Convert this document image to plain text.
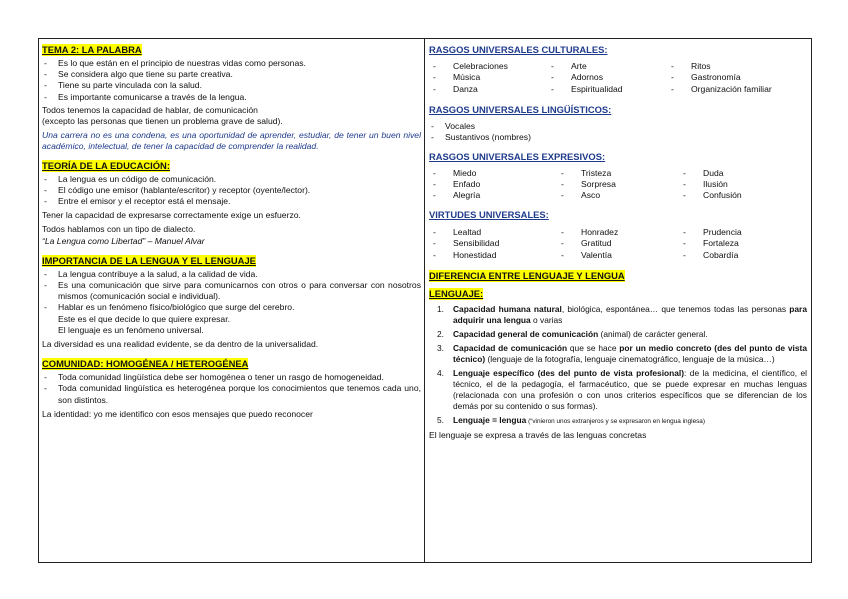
TEMA 2: LA PALABRA
- Es lo que están en el principio de nuestras vidas como personas.
- Se considera algo que tiene su parte creativa.
- Tiene su parte vinculada con la salud.
- Es importante comunicarse a través de la lengua.

Todos tenemos la capacidad de hablar, de comunicación

(excepto las personas que tienen un problema grave de salud).

Una carrera no es una condena, es una oportunidad de aprender, estudiar, de tener un buen nivel académico, intelectual, de tener la capacidad de comprender la realidad.

TEORÍA DE LA EDUCACIÓN:
- La lengua es un código de comunicación.
- El código une emisor (hablante/escritor) y receptor (oyente/lector).
- Entre el emisor y el receptor está el mensaje.

Tener la capacidad de expresarse correctamente exige un esfuerzo.

Todos hablamos con un tipo de dialecto.

“La Lengua como Libertad” – Manuel Alvar

IMPORTANCIA DE LA LENGUA Y EL LENGUAJE
- La lengua contribuye a la salud, a la calidad de vida.
- Es una comunicación que sirve para comunicarnos con otros o para conversar con nosotros mismos (comunicación social e individual).
- Hablar es un fenómeno físico/biológico que surge del cerebro.

Este es el que decide lo que quiere expresar.

El lenguaje es un fenómeno universal.

La diversidad es una realidad evidente, se da dentro de la universalidad.

COMUNIDAD: HOMOGÉNEA / HETEROGÉNEA
- Toda comunidad lingüística debe ser homogénea o tener un rasgo de homogeneidad.
- Toda comunidad lingüística es heterogénea porque los conocimientos que tenemos cada uno, son distintos.

La identidad: yo me identifico con esos mensajes que puedo reconocer

RASGOS UNIVERSALES CULTURALES:
- Celebraciones	- Arte	- Ritos
- Música	- Adornos	- Gastronomía
- Danza	- Espiritualidad	- Organización familiar
RASGOS UNIVERSALES LINGÜÍSTICOS:
- Vocales
- Sustantivos (nombres)
RASGOS UNIVERSALES EXPRESIVOS:
- Miedo	- Tristeza	- Duda
- Enfado	- Sorpresa	- Ilusión
- Alegría	- Asco	- Confusión
VIRTUDES UNIVERSALES:
- Lealtad	- Honradez	- Prudencia
- Sensibilidad	- Gratitud	- Fortaleza
- Honestidad	- Valentía	- Cobardía
DIFERENCIA ENTRE LENGUAJE Y LENGUA
LENGUAJE:
1. Capacidad humana natural, biológica, espontánea… que tenemos todas las personas para adquirir una lengua o varias
2. Capacidad general de comunicación (animal) de carácter general.
3. Capacidad de comunicación que se hace por un medio concreto (des del punto de vista técnico) (lenguaje de la fotografía, lenguaje cinematográfico, lenguaje de la música…)
4. Lenguaje específico (des del punto de vista profesional): de la medicina, el científico, el técnico, el de la pedagogía, el farmacéutico, que se puede expresar en muchas lenguas (relacionada con una profesión o con unos criterios específicos que se diferencian de los demás por su contenido o sus formas).
5. Lenguaje = lengua (“vinieron unos extranjeros y se expresaron en lengua inglesa)

El lenguaje se expresa a través de las lenguas concretas
